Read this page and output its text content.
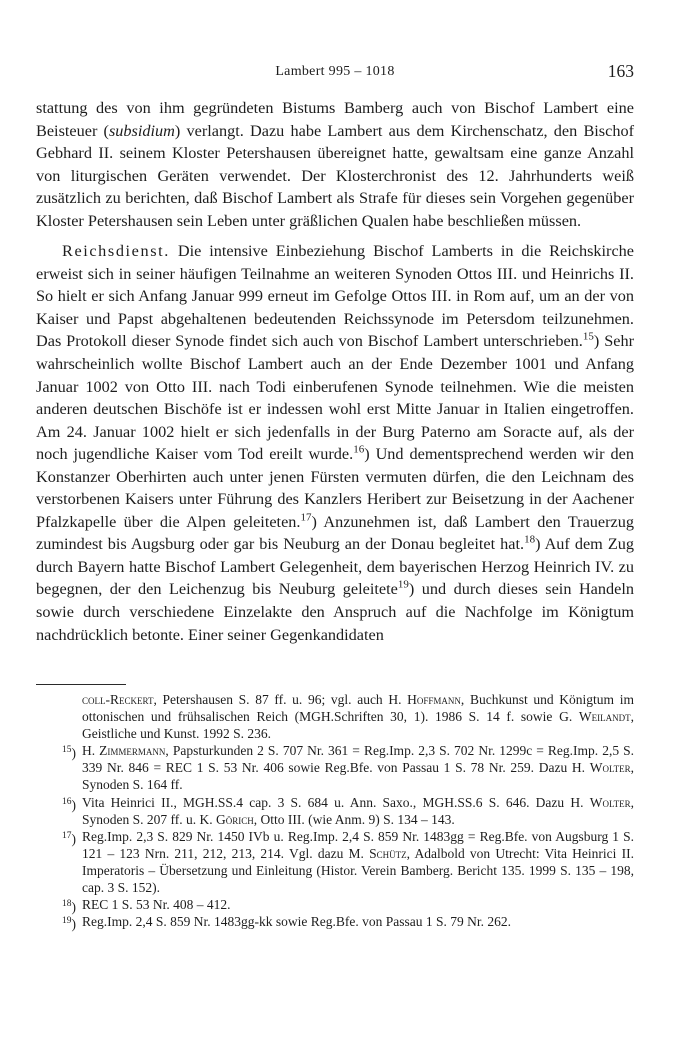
Lambert 995 – 1018	163

stattung des von ihm gegründeten Bistums Bamberg auch von Bischof Lambert eine Beisteuer (subsidium) verlangt. Dazu habe Lambert aus dem Kirchenschatz, den Bischof Gebhard II. seinem Kloster Petershausen übereignet hatte, gewaltsam eine ganze Anzahl von liturgischen Geräten verwendet. Der Klosterchronist des 12. Jahrhunderts weiß zusätzlich zu berichten, daß Bischof Lambert als Strafe für dieses sein Vorgehen gegenüber Kloster Petershausen sein Leben unter gräßlichen Qualen habe beschließen müssen.

Reichsdienst. Die intensive Einbeziehung Bischof Lamberts in die Reichskirche erweist sich in seiner häufigen Teilnahme an weiteren Synoden Ottos III. und Heinrichs II. So hielt er sich Anfang Januar 999 erneut im Gefolge Ottos III. in Rom auf, um an der von Kaiser und Papst abgehaltenen bedeutenden Reichssynode im Petersdom teilzunehmen. Das Protokoll dieser Synode findet sich auch von Bischof Lambert unterschrieben.$^{15}$) Sehr wahrscheinlich wollte Bischof Lambert auch an der Ende Dezember 1001 und Anfang Januar 1002 von Otto III. nach Todi einberufenen Synode teilnehmen. Wie die meisten anderen deutschen Bischöfe ist er indessen wohl erst Mitte Januar in Italien eingetroffen. Am 24. Januar 1002 hielt er sich jedenfalls in der Burg Paterno am Soracte auf, als der noch jugendliche Kaiser vom Tod ereilt wurde.$^{16}$) Und dementsprechend werden wir den Konstanzer Oberhirten auch unter jenen Fürsten vermuten dürfen, die den Leichnam des verstorbenen Kaisers unter Führung des Kanzlers Heribert zur Beisetzung in der Aachener Pfalzkapelle über die Alpen geleiteten.$^{17}$) Anzunehmen ist, daß Lambert den Trauerzug zumindest bis Augsburg oder gar bis Neuburg an der Donau begleitet hat.$^{18}$) Auf dem Zug durch Bayern hatte Bischof Lambert Gelegenheit, dem bayerischen Herzog Heinrich IV. zu begegnen, der den Leichenzug bis Neuburg geleitete$^{19}$) und durch dieses sein Handeln sowie durch verschiedene Einzelakte den Anspruch auf die Nachfolge im Königtum nachdrücklich betonte. Einer seiner Gegenkandidaten

coll-Reckert, Petershausen S. 87 ff. u. 96; vgl. auch H. Hoffmann, Buchkunst und Königtum im ottonischen und frühsalischen Reich (MGH.Schriften 30, 1). 1986 S. 14 f. sowie G. Weilandt, Geistliche und Kunst. 1992 S. 236.
$^{15}$) H. Zimmermann, Papsturkunden 2 S. 707 Nr. 361 = Reg.Imp. 2,3 S. 702 Nr. 1299c = Reg.Imp. 2,5 S. 339 Nr. 846 = REC 1 S. 53 Nr. 406 sowie Reg.Bfe. von Passau 1 S. 78 Nr. 259. Dazu H. Wolter, Synoden S. 164 ff.
$^{16}$) Vita Heinrici II., MGH.SS.4 cap. 3 S. 684 u. Ann. Saxo., MGH.SS.6 S. 646. Dazu H. Wolter, Synoden S. 207 ff. u. K. Görich, Otto III. (wie Anm. 9) S. 134 – 143.
$^{17}$) Reg.Imp. 2,3 S. 829 Nr. 1450 IVb u. Reg.Imp. 2,4 S. 859 Nr. 1483gg = Reg.Bfe. von Augsburg 1 S. 121 – 123 Nrn. 211, 212, 213, 214. Vgl. dazu M. Schütz, Adalbold von Utrecht: Vita Heinrici II. Imperatoris – Übersetzung und Einleitung (Histor. Verein Bamberg. Bericht 135. 1999 S. 135 – 198, cap. 3 S. 152).
$^{18}$) REC 1 S. 53 Nr. 408 – 412.
$^{19}$) Reg.Imp. 2,4 S. 859 Nr. 1483gg-kk sowie Reg.Bfe. von Passau 1 S. 79 Nr. 262.
